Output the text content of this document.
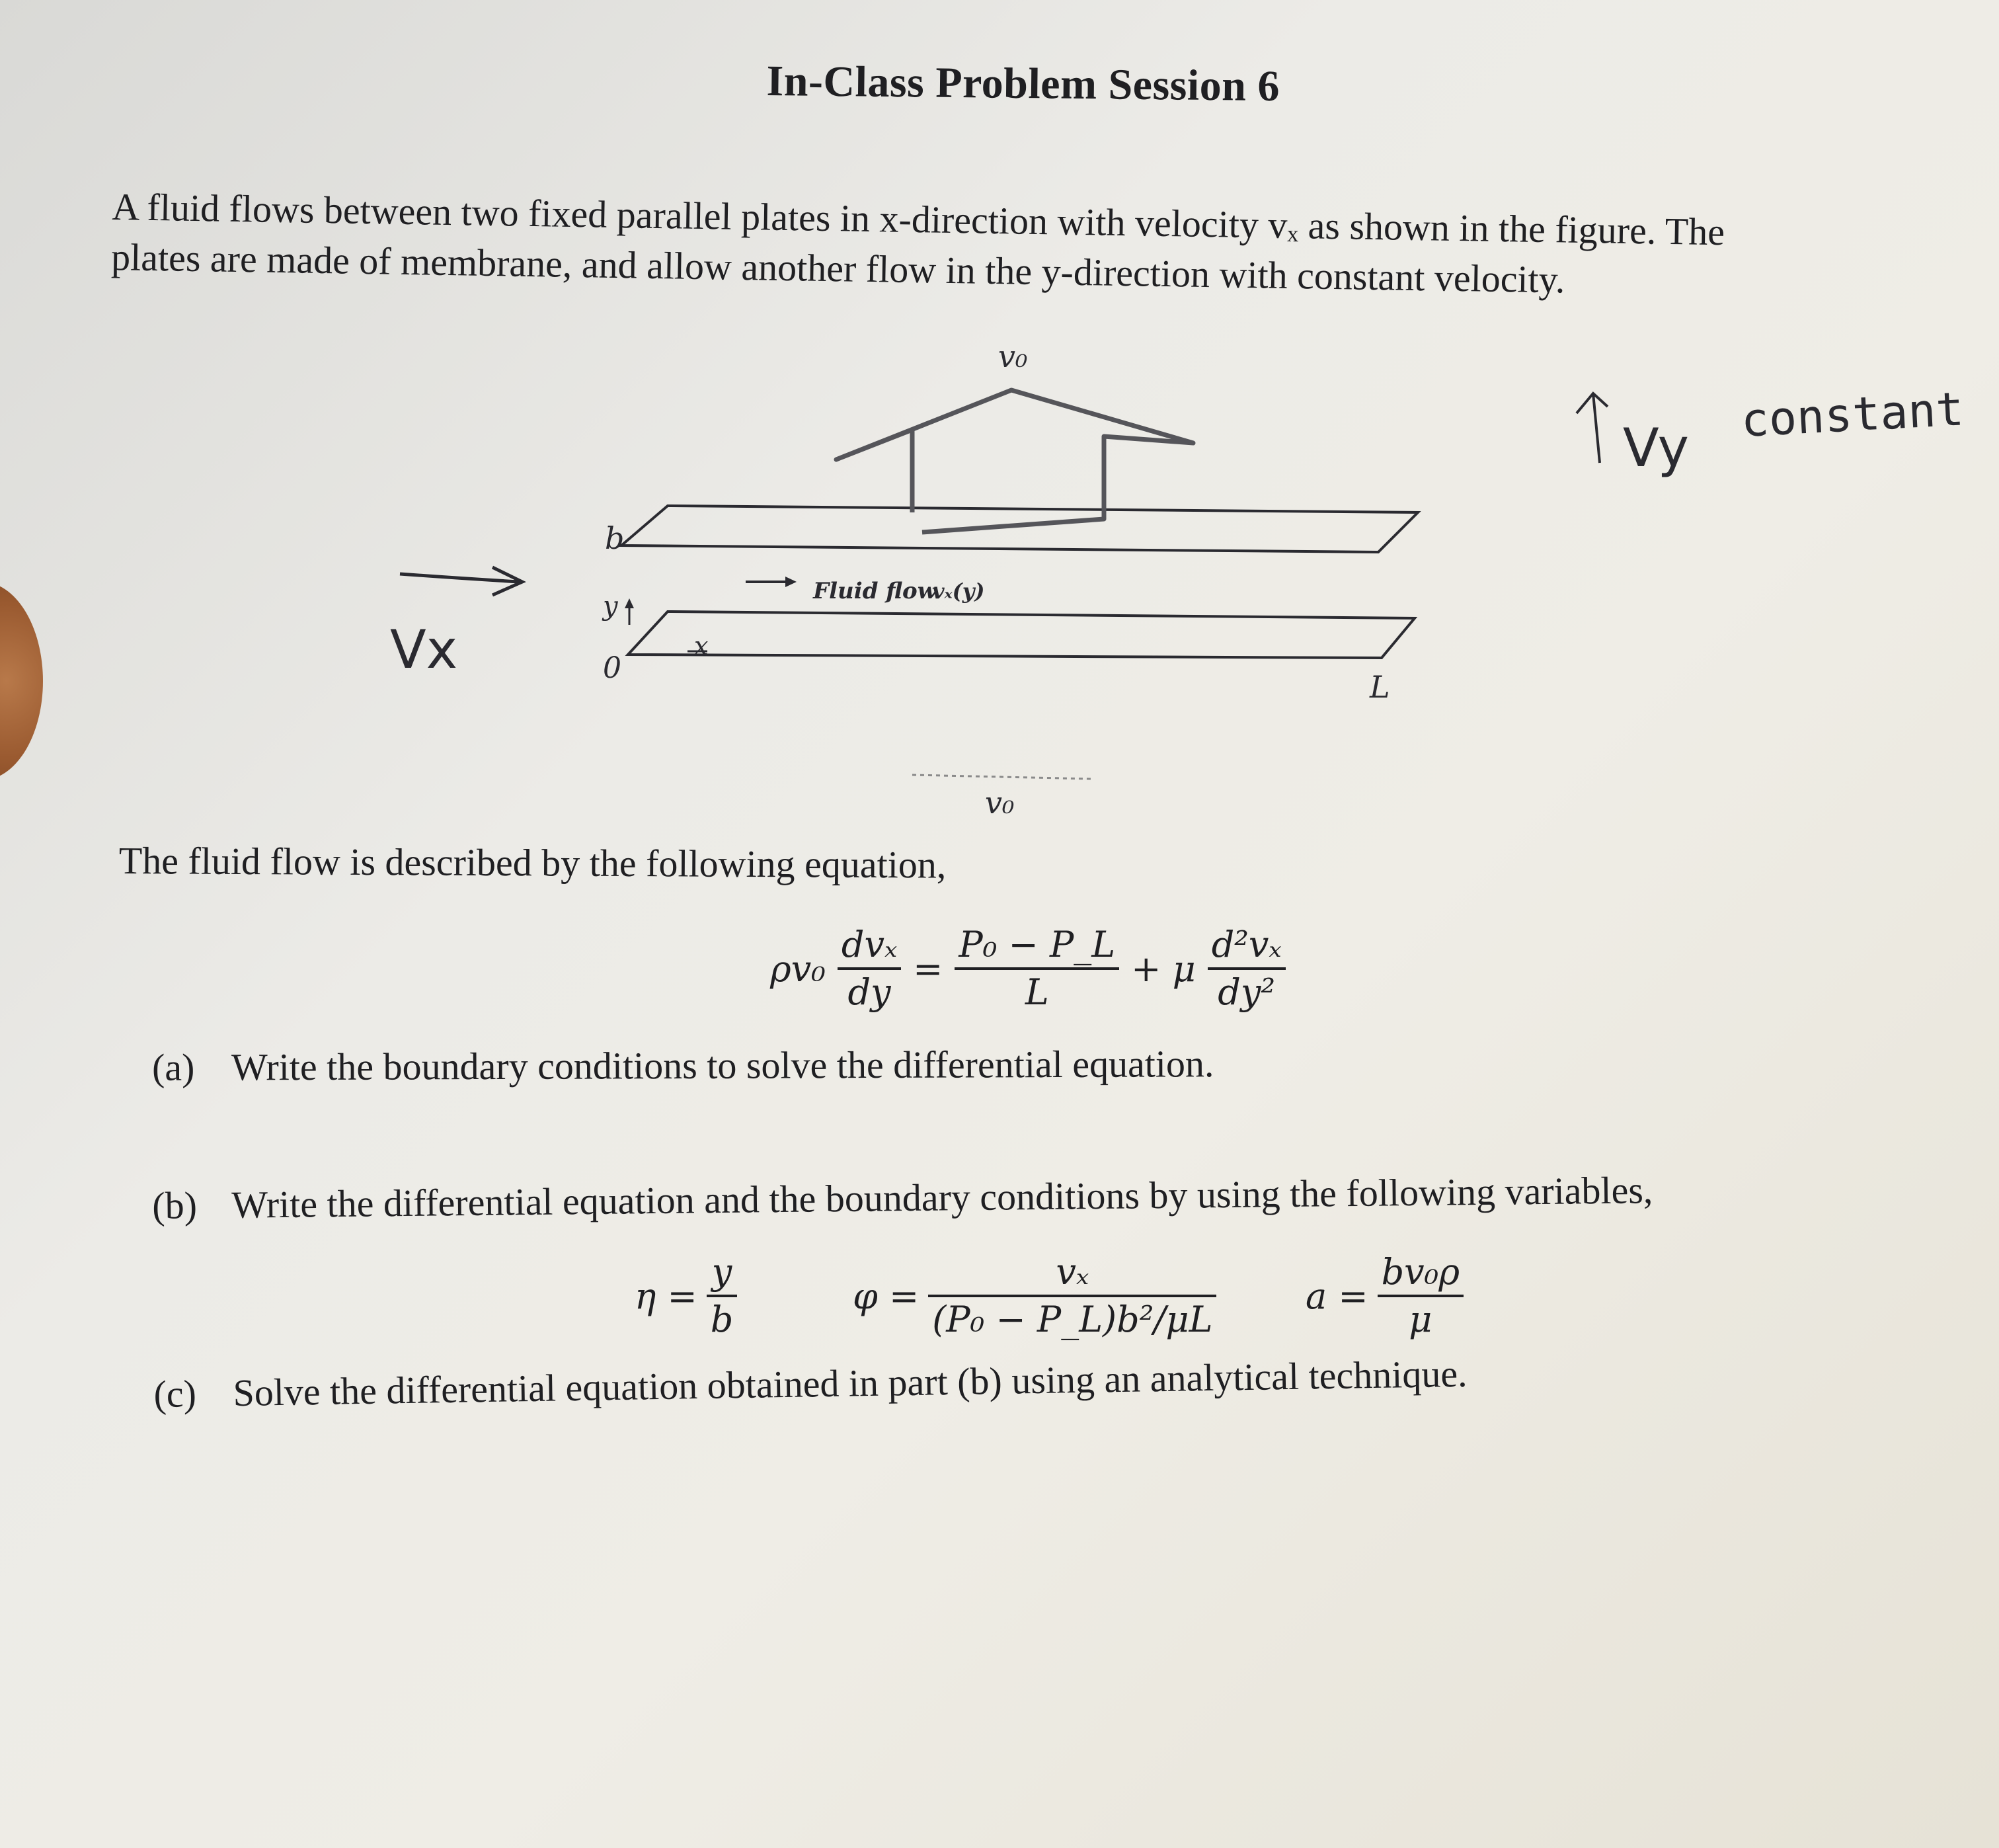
In-Class Problem Session 6

A fluid flows between two fixed parallel plates in x-direction with velocity vₓ as shown in the figure. The

plates are made of membrane, and allow another flow in the y-direction with constant velocity.

v₀
b
y
0
x
L
Fluid flow
vₓ(y)
v₀
Vx
Vy
constant
The fluid flow is described by the following equation,
$\rho v_0 \frac{\text{dvₓ}}{dy} = \frac{\text{P₀ − P\_L}}{L} + \mu \frac{\text{d²vₓ}}{\text{dy²}}$
(a) Write the boundary conditions to solve the differential equation.
(b) Write the differential equation and the boundary conditions by using the following variables,
$\eta = \frac{y}{b}$	$\varphi = \frac{\text{vₓ}}{\text{(P₀ − P\_L)b²/μL}}$ $a = \frac{\text{bv₀ρ}}{\mu}$
(c) Solve the differential equation obtained in part (b) using an analytical technique.
